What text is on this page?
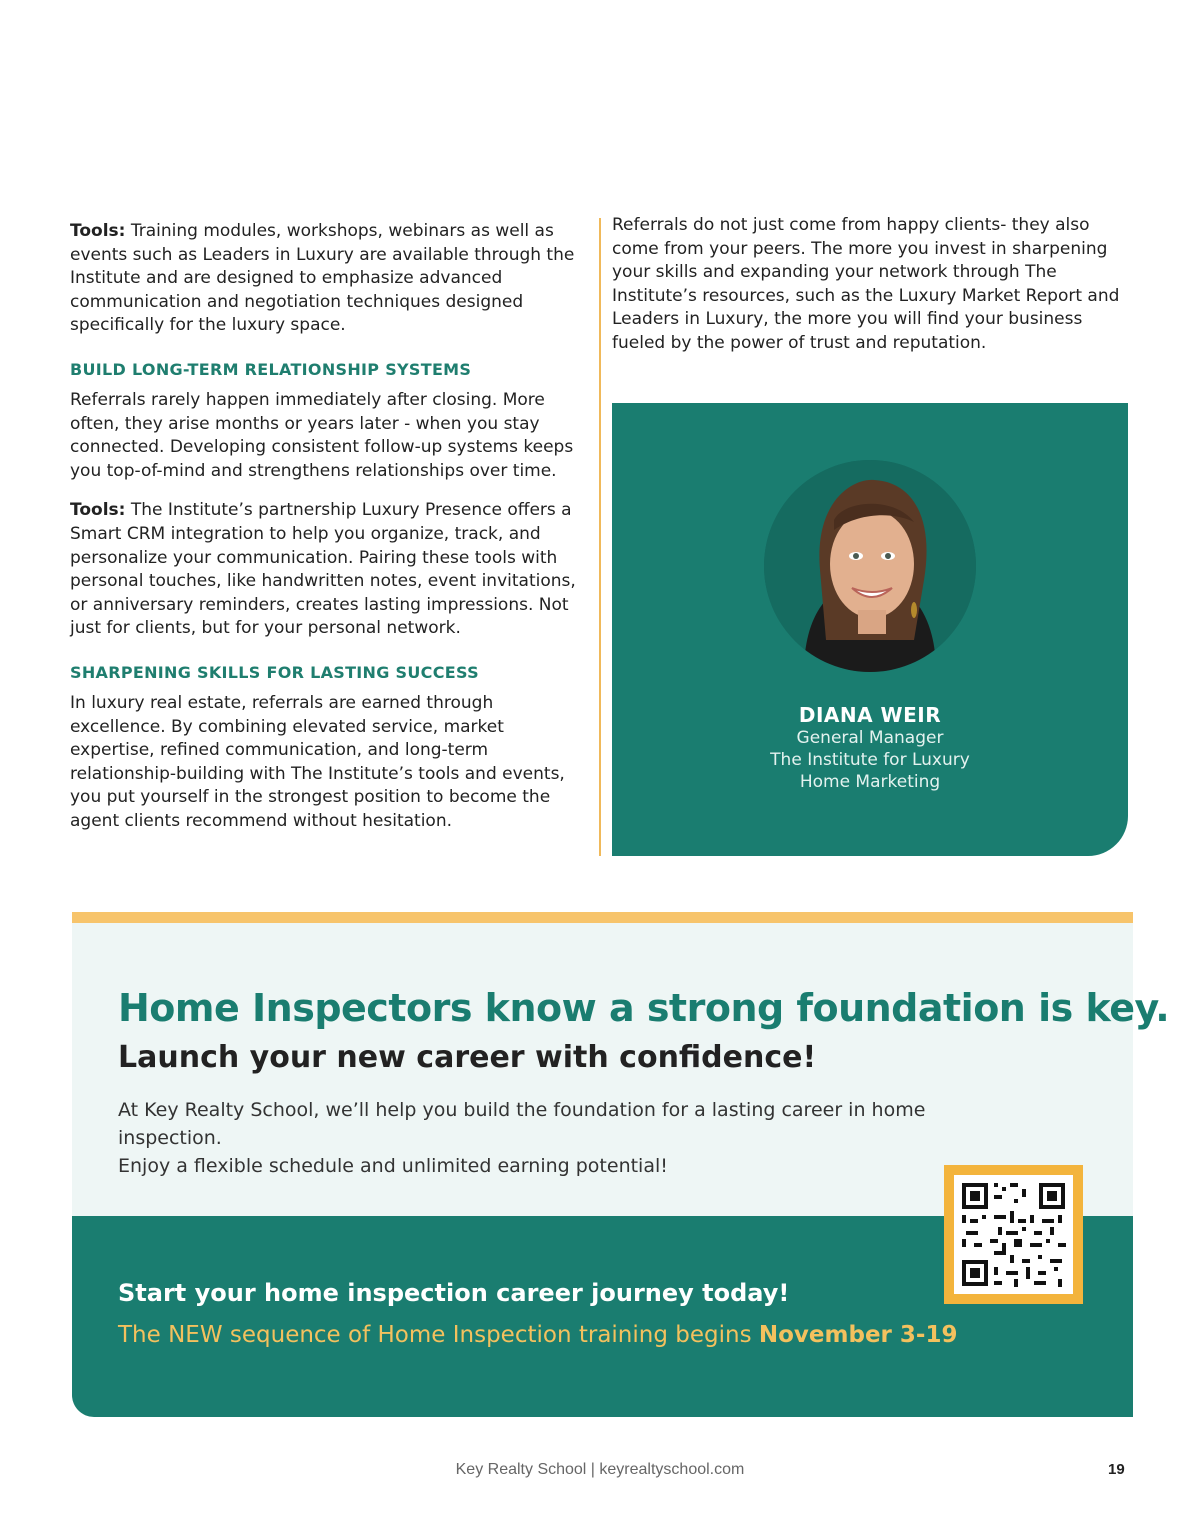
Tools: Training modules, workshops, webinars as well as events such as Leaders in Luxury are available through the Institute and are designed to emphasize advanced communication and negotiation techniques designed specifically for the luxury space.

BUILD LONG-TERM RELATIONSHIP SYSTEMS

Referrals rarely happen immediately after closing. More often, they arise months or years later - when you stay connected. Developing consistent follow-up systems keeps you top-of-mind and strengthens relationships over time.

Tools: The Institute’s partnership Luxury Presence offers a Smart CRM integration to help you organize, track, and personalize your communication. Pairing these tools with personal touches, like handwritten notes, event invitations, or anniversary reminders, creates lasting impressions. Not just for clients, but for your personal network.

SHARPENING SKILLS FOR LASTING SUCCESS

In luxury real estate, referrals are earned through excellence. By combining elevated service, market expertise, refined communication, and long-term relationship-building with The Institute’s tools and events, you put yourself in the strongest position to become the agent clients recommend without hesitation.

Referrals do not just come from happy clients- they also come from your peers. The more you invest in sharpening your skills and expanding your network through The Institute’s resources, such as the Luxury Market Report and Leaders in Luxury, the more you will find your business fueled by the power of trust and reputation.

DIANA WEIR
General Manager
The Institute for Luxury
Home Marketing
Home Inspectors know a strong foundation is key.
Launch your new career with confidence!
At Key Realty School, we’ll help you build the foundation for a lasting career in home inspection.
Enjoy a flexible schedule and unlimited earning potential!
Start your home inspection career journey today!
The NEW sequence of Home Inspection training begins November 3-19
Key Realty School | keyrealtyschool.com	19
